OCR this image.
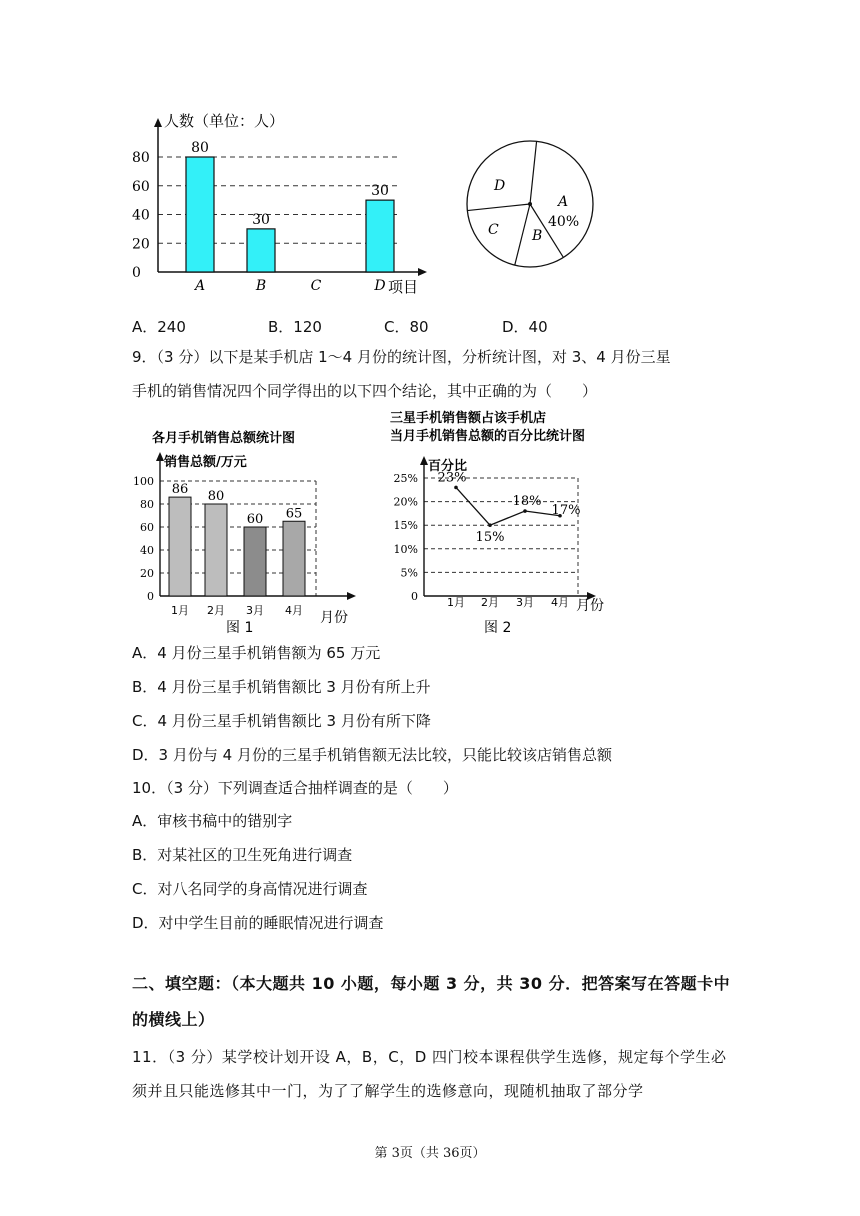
0
20
40
60
80
人数（单位：人）
80
A
30
B	C
30
D 项目
A
40%
B
C
D
A．240	B．120	C．80	D．40
9．（3 分）以下是某手机店 1～4 月份的统计图，分析统计图，对 3、4 月份三星
手机的销售情况四个同学得出的以下四个结论，其中正确的为（　　）
各月手机销售总额统计图
销售总额/万元
0
20
40
60
80
100
86
1月
80
2月
60
3月
65
4月 月份
图 1
三星手机销售额占该手机店
当月手机销售总额的百分比统计图
百分比
0
5%
10%
15%
20%
25% 23%
1月
15%
2月
18%
3月
17%
4月 月份
图 2
A．4 月份三星手机销售额为 65 万元
B．4 月份三星手机销售额比 3 月份有所上升
C．4 月份三星手机销售额比 3 月份有所下降
D．3 月份与 4 月份的三星手机销售额无法比较，只能比较该店销售总额
10．（3 分）下列调查适合抽样调查的是（　　）
A．审核书稿中的错别字
B．对某社区的卫生死角进行调查
C．对八名同学的身高情况进行调查
D．对中学生目前的睡眠情况进行调查
二、填空题：（本大题共 10 小题，每小题 3 分，共 30 分．把答案写在答题卡中的横线上）
11．（3 分）某学校计划开设 A，B，C，D 四门校本课程供学生选修，规定每个学生必须并且只能选修其中一门，为了了解学生的选修意向，现随机抽取了部分学
第 3页（共 36页）
